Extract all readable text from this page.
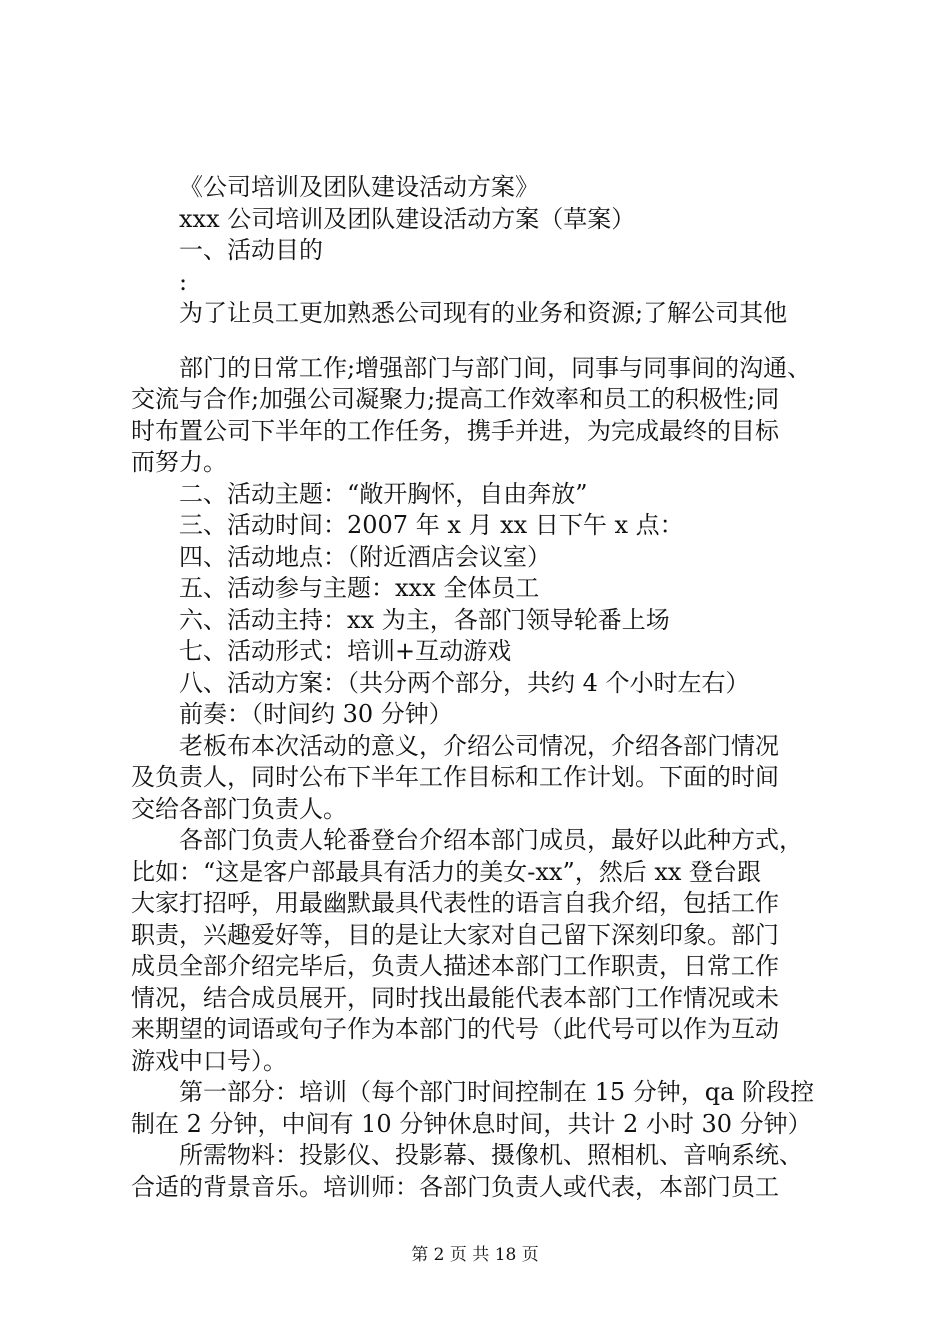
《公司培训及团队建设活动方案》
xxx 公司培训及团队建设活动方案（草案）
一、活动目的
:
为了让员工更加熟悉公司现有的业务和资源;了解公司其他
部门的日常工作;增强部门与部门间，同事与同事间的沟通、
交流与合作;加强公司凝聚力;提高工作效率和员工的积极性;同
时布置公司下半年的工作任务，携手并进，为完成最终的目标
而努力。
二、活动主题：“敞开胸怀，自由奔放”
三、活动时间：2007 年 x 月 xx 日下午 x 点：
四、活动地点：（附近酒店会议室）
五、活动参与主题：xxx 全体员工
六、活动主持：xx 为主，各部门领导轮番上场
七、活动形式：培训+互动游戏
八、活动方案：（共分两个部分，共约 4 个小时左右）
前奏：（时间约 30 分钟）
老板布本次活动的意义，介绍公司情况，介绍各部门情况
及负责人，同时公布下半年工作目标和工作计划。下面的时间
交给各部门负责人。
各部门负责人轮番登台介绍本部门成员，最好以此种方式，
比如：“这是客户部最具有活力的美女-xx”，然后 xx 登台跟
大家打招呼，用最幽默最具代表性的语言自我介绍，包括工作
职责，兴趣爱好等，目的是让大家对自己留下深刻印象。部门
成员全部介绍完毕后，负责人描述本部门工作职责，日常工作
情况，结合成员展开，同时找出最能代表本部门工作情况或未
来期望的词语或句子作为本部门的代号（此代号可以作为互动
游戏中口号）。
第一部分：培训（每个部门时间控制在 15 分钟，qa 阶段控
制在 2 分钟，中间有 10 分钟休息时间，共计 2 小时 30 分钟）
所需物料：投影仪、投影幕、摄像机、照相机、音响系统、
合适的背景音乐。培训师：各部门负责人或代表，本部门员工
第 2 页 共 18 页
